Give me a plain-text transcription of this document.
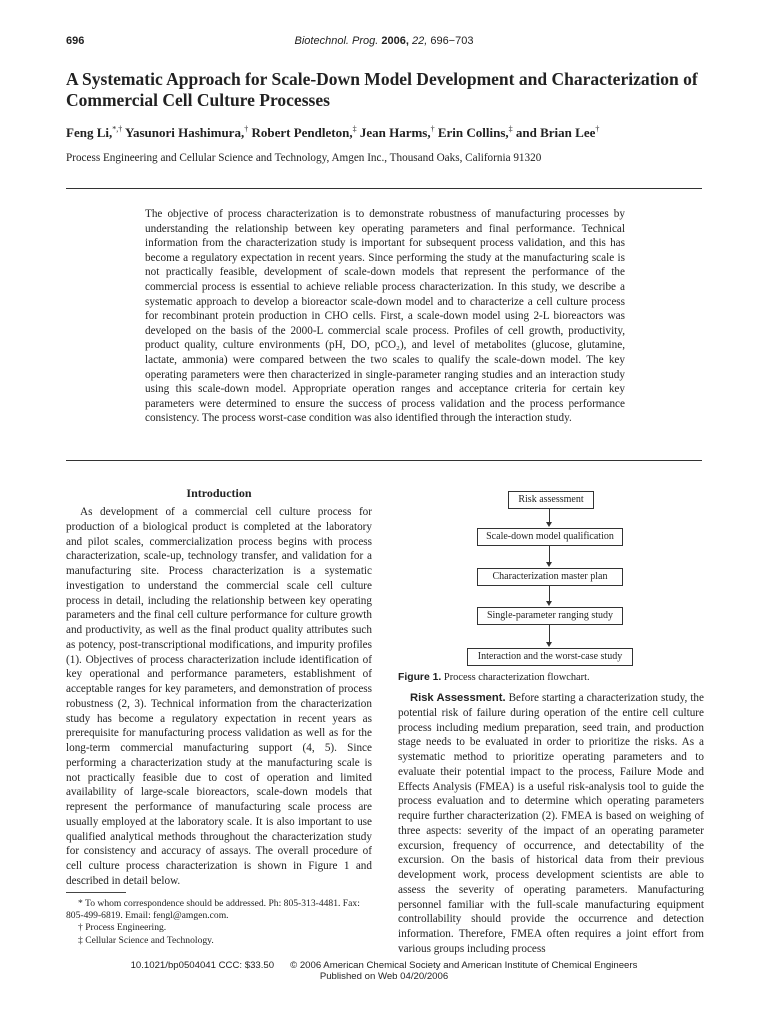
696	Biotechnol. Prog. 2006, 22, 696−703
A Systematic Approach for Scale-Down Model Development and Characterization of Commercial Cell Culture Processes
Feng Li,*,† Yasunori Hashimura,† Robert Pendleton,‡ Jean Harms,† Erin Collins,‡ and Brian Lee†
Process Engineering and Cellular Science and Technology, Amgen Inc., Thousand Oaks, California 91320

The objective of process characterization is to demonstrate robustness of manufacturing processes by understanding the relationship between key operating parameters and final performance. Technical information from the characterization study is important for subsequent process validation, and this has become a regulatory expectation in recent years. Since performing the study at the manufacturing scale is not practically feasible, development of scale-down models that represent the performance of the commercial process is essential to achieve reliable process characterization. In this study, we describe a systematic approach to develop a bioreactor scale-down model and to characterize a cell culture process for recombinant protein production in CHO cells. First, a scale-down model using 2-L bioreactors was developed on the basis of the 2000-L commercial scale process. Profiles of cell growth, productivity, product quality, culture environments (pH, DO, pCO₂), and level of metabolites (glucose, glutamine, lactate, ammonia) were compared between the two scales to qualify the scale-down model. The key operating parameters were then characterized in single-parameter ranging studies and an interaction study using this scale-down model. Appropriate operation ranges and acceptance criteria for certain key parameters were determined to ensure the success of process validation and the process performance consistency. The process worst-case condition was also identified through the interaction study.

Introduction

As development of a commercial cell culture process for production of a biological product is completed at the laboratory and pilot scales, commercialization process begins with process characterization, scale-up, technology transfer, and validation for a manufacturing site. Process characterization is a systematic investigation to understand the commercial scale cell culture process in detail, including the relationship between key operating parameters and the final cell culture performance for culture growth and productivity, as well as the final product quality attributes such as potency, post-transcriptional modifications, and impurity profiles (1). Objectives of process characterization include identification of key operational and performance parameters, establishment of acceptable ranges for key parameters, and demonstration of process robustness (2, 3). Technical information from the characterization study has become a regulatory expectation in recent years as prerequisite for manufacturing process validation as well as for the long-term commercial manufacturing support (4, 5). Since performing a characterization study at the manufacturing scale is not practically feasible due to cost of operation and limited availability of large-scale bioreactors, scale-down models that represent the performance of manufacturing scale process are usually employed at the laboratory scale. It is also important to use qualified analytical methods throughout the characterization study for consistency and accuracy of assays. The overall procedure of cell culture process characterization is shown in Figure 1 and described in detail below.

* To whom correspondence should be addressed. Ph: 805-313-4481. Fax: 805-499-6819. Email: fengl@amgen.com.
† Process Engineering.
‡ Cellular Science and Technology.
Risk assessment
Scale-down model qualification
Characterization master plan
Single-parameter ranging study
Interaction and the worst-case study
Figure 1. Process characterization flowchart.

Risk Assessment. Before starting a characterization study, the potential risk of failure during operation of the entire cell culture process including medium preparation, seed train, and production stage needs to be evaluated in order to prioritize the risks. As a systematic method to prioritize operating parameters and to evaluate their potential impact to the process, Failure Mode and Effects Analysis (FMEA) is a useful risk-analysis tool to guide the process evaluation and to determine which operating parameters require further characterization (2). FMEA is based on weighing of three aspects: severity of the impact of an operating parameter excursion, frequency of occurrence, and detectability of the excursion. On the basis of historical data from their previous development work, process development scientists are able to assess the severity of operating parameters. Manufacturing personnel familiar with the full-scale manufacturing equipment controllability should provide the occurrence and detection information. Therefore, FMEA often requires a joint effort from various groups including process

10.1021/bp0504041 CCC: $33.50 © 2006 American Chemical Society and American Institute of Chemical Engineers
Published on Web 04/20/2006
